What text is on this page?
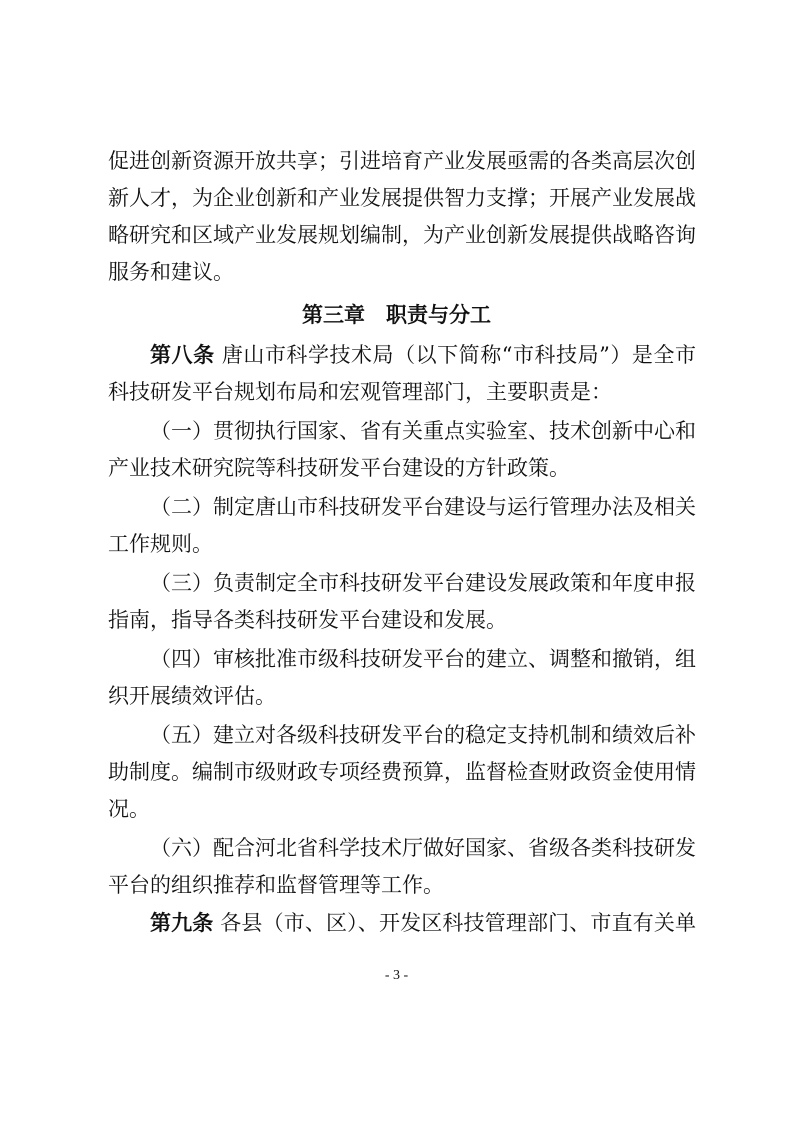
促进创新资源开放共享；引进培育产业发展亟需的各类高层次创
新人才，为企业创新和产业发展提供智力支撑；开展产业发展战
略研究和区域产业发展规划编制，为产业创新发展提供战略咨询
服务和建议。
第三章　职责与分工
第八条 唐山市科学技术局（以下简称“市科技局”）是全市
科技研发平台规划布局和宏观管理部门，主要职责是：
（一）贯彻执行国家、省有关重点实验室、技术创新中心和
产业技术研究院等科技研发平台建设的方针政策。
（二）制定唐山市科技研发平台建设与运行管理办法及相关
工作规则。
（三）负责制定全市科技研发平台建设发展政策和年度申报
指南，指导各类科技研发平台建设和发展。
（四）审核批准市级科技研发平台的建立、调整和撤销，组
织开展绩效评估。
（五）建立对各级科技研发平台的稳定支持机制和绩效后补
助制度。编制市级财政专项经费预算，监督检查财政资金使用情
况。
（六）配合河北省科学技术厅做好国家、省级各类科技研发
平台的组织推荐和监督管理等工作。
第九条 各县（市、区）、开发区科技管理部门、市直有关单
- 3 -
